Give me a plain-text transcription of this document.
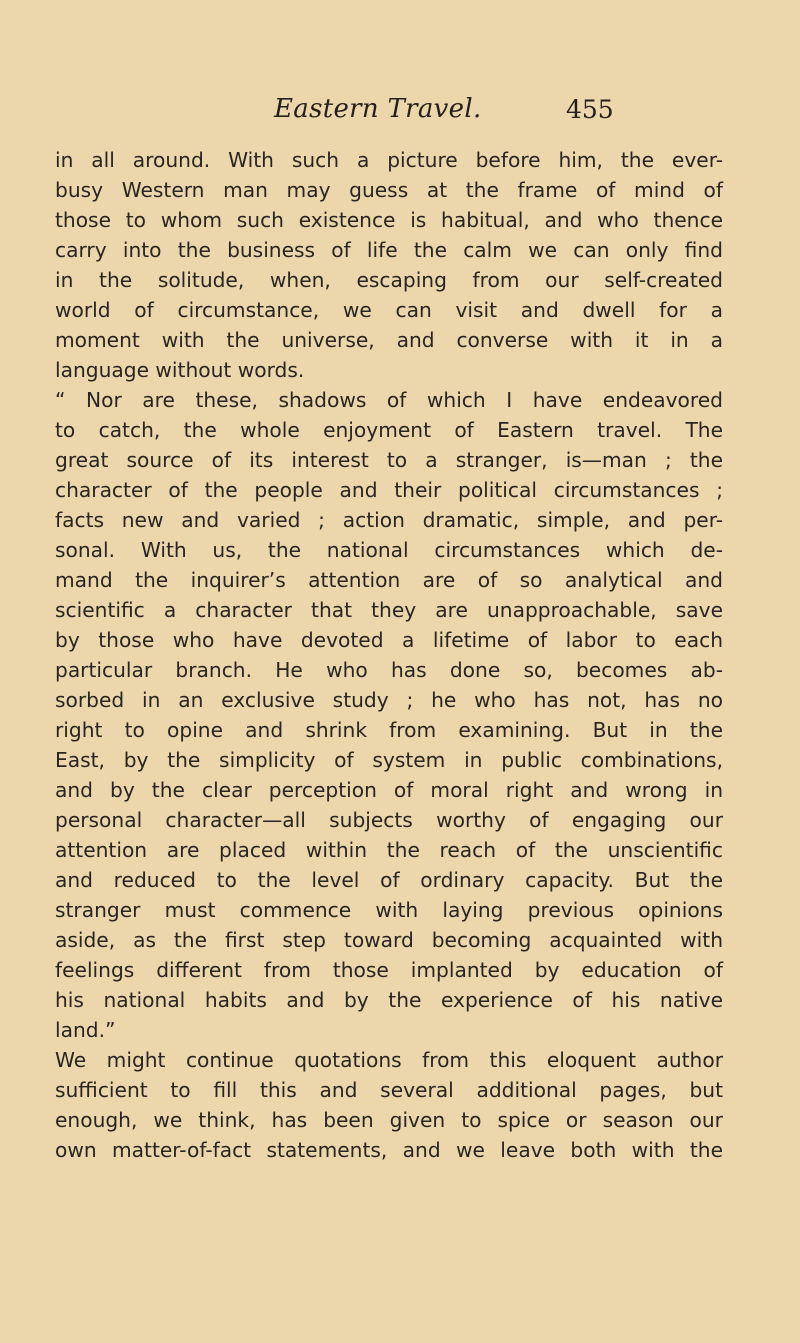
Eastern Travel.	455
in all around. With such a picture before him, the ever-
busy Western man may guess at the frame of mind of
those to whom such existence is habitual, and who thence
carry into the business of life the calm we can only find
in the solitude, when, escaping from our self-created
world of circumstance, we can visit and dwell for a
moment with the universe, and converse with it in a
language without words.
“ Nor are these, shadows of which I have endeavored
to catch, the whole enjoyment of Eastern travel. The
great source of its interest to a stranger, is—man ; the
character of the people and their political circumstances ;
facts new and varied ; action dramatic, simple, and per-
sonal. With us, the national circumstances which de-
mand the inquirer’s attention are of so analytical and
scientific a character that they are unapproachable, save
by those who have devoted a lifetime of labor to each
particular branch. He who has done so, becomes ab-
sorbed in an exclusive study ; he who has not, has no
right to opine and shrink from examining. But in the
East, by the simplicity of system in public combinations,
and by the clear perception of moral right and wrong in
personal character—all subjects worthy of engaging our
attention are placed within the reach of the unscientific
and reduced to the level of ordinary capacity. But the
stranger must commence with laying previous opinions
aside, as the first step toward becoming acquainted with
feelings different from those implanted by education of
his national habits and by the experience of his native
land.”
We might continue quotations from this eloquent author
sufficient to fill this and several additional pages, but
enough, we think, has been given to spice or season our
own matter-of-fact statements, and we leave both with the
